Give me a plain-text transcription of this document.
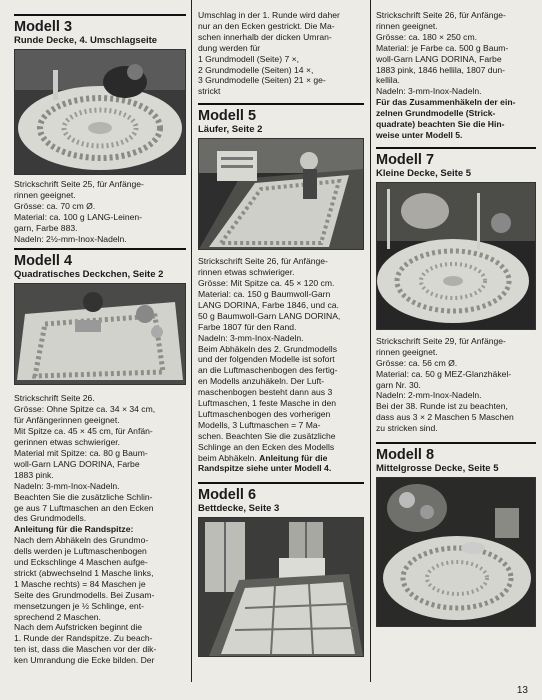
Modell 3
Runde Decke, 4. Umschlagseite
Strickschrift Seite 25, für Anfänge-
rinnen geeignet.
Grösse: ca. 70 cm Ø.
Material: ca. 100 g LANG-Leinen-
garn, Farbe 883.
Nadeln: 2½-mm-Inox-Nadeln.
Modell 4
Quadratisches Deckchen, Seite 2
Strickschrift Seite 26.
Grösse: Ohne Spitze ca. 34 × 34 cm,
für Anfängerinnen geeignet.
Mit Spitze ca. 45 × 45 cm, für Anfän-
gerinnen etwas schwieriger.
Material mit Spitze: ca. 80 g Baum-
woll-Garn LANG DORINA, Farbe
1883 pink.
Nadeln: 3-mm-Inox-Nadeln.
Beachten Sie die zusätzliche Schlin-
ge aus 7 Luftmaschen an den Ecken
des Grundmodells.
Anleitung für die Randspitze:
Nach dem Abhäkeln des Grundmo-
dells werden je Luftmaschenbogen
und Eckschlinge 4 Maschen aufge-
strickt (abwechselnd 1 Masche links,
1 Masche rechts) = 84 Maschen je
Seite des Grundmodells. Bei Zusam-
mensetzungen je ½ Schlinge, ent-
sprechend 2 Maschen.
Nach dem Aufstricken beginnt die
1. Runde der Randspitze. Zu beach-
ten ist, dass die Maschen vor der dik-
ken Umrandung die Ecke bilden. Der
Umschlag in der 1. Runde wird daher
nur an den Ecken gestrickt. Die Ma-
schen innerhalb der dicken Umran-
dung werden für
1 Grundmodell (Seite) 7 ×,
2 Grundmodelle (Seiten) 14 ×,
3 Grundmodelle (Seiten) 21 × ge-
strickt
Modell 5
Läufer, Seite 2
Strickschrift Seite 26, für Anfänge-
rinnen etwas schwieriger.
Grösse: Mit Spitze ca. 45 × 120 cm.
Material: ca. 150 g Baumwoll-Garn
LANG DORINA, Farbe 1846, und ca.
50 g Baumwoll-Garn LANG DORINA,
Farbe 1807 für den Rand.
Nadeln: 3-mm-Inox-Nadeln.
Beim Abhäkeln des 2. Grundmodells
und der folgenden Modelle ist sofort
an die Luftmaschenbogen des fertig-
en Modells anzuhäkeln. Der Luft-
maschenbogen besteht dann aus 3
Luftmaschen, 1 feste Masche in den
Luftmaschenbogen des vorherigen
Modells, 3 Luftmaschen = 7 Ma-
schen. Beachten Sie die zusätzliche
Schlinge an den Ecken des Modells
beim Abhäkeln. Anleitung für die
Randspitze siehe unter Modell 4.
Modell 6
Bettdecke, Seite 3
Strickschrift Seite 26, für Anfänge-
rinnen geeignet.
Grösse: ca. 180 × 250 cm.
Material: je Farbe ca. 500 g Baum-
woll-Garn LANG DORINA, Farbe
1883 pink, 1846 hellila, 1807 dun-
kellila.
Nadeln: 3-mm-Inox-Nadeln.
Für das Zusammenhäkeln der ein-
zelnen Grundmodelle (Strick-
quadrate) beachten Sie die Hin-
weise unter Modell 5.
Modell 7
Kleine Decke, Seite 5
Strickschrift Seite 29, für Anfänge-
rinnen geeignet.
Grösse: ca. 56 cm Ø.
Material: ca. 50 g MEZ-Glanzhäkel-
garn Nr. 30.
Nadeln: 2-mm-Inox-Nadeln.
Bei der 38. Runde ist zu beachten,
dass aus 3 × 2 Maschen 5 Maschen
zu stricken sind.
Modell 8
Mittelgrosse Decke, Seite 5
13
